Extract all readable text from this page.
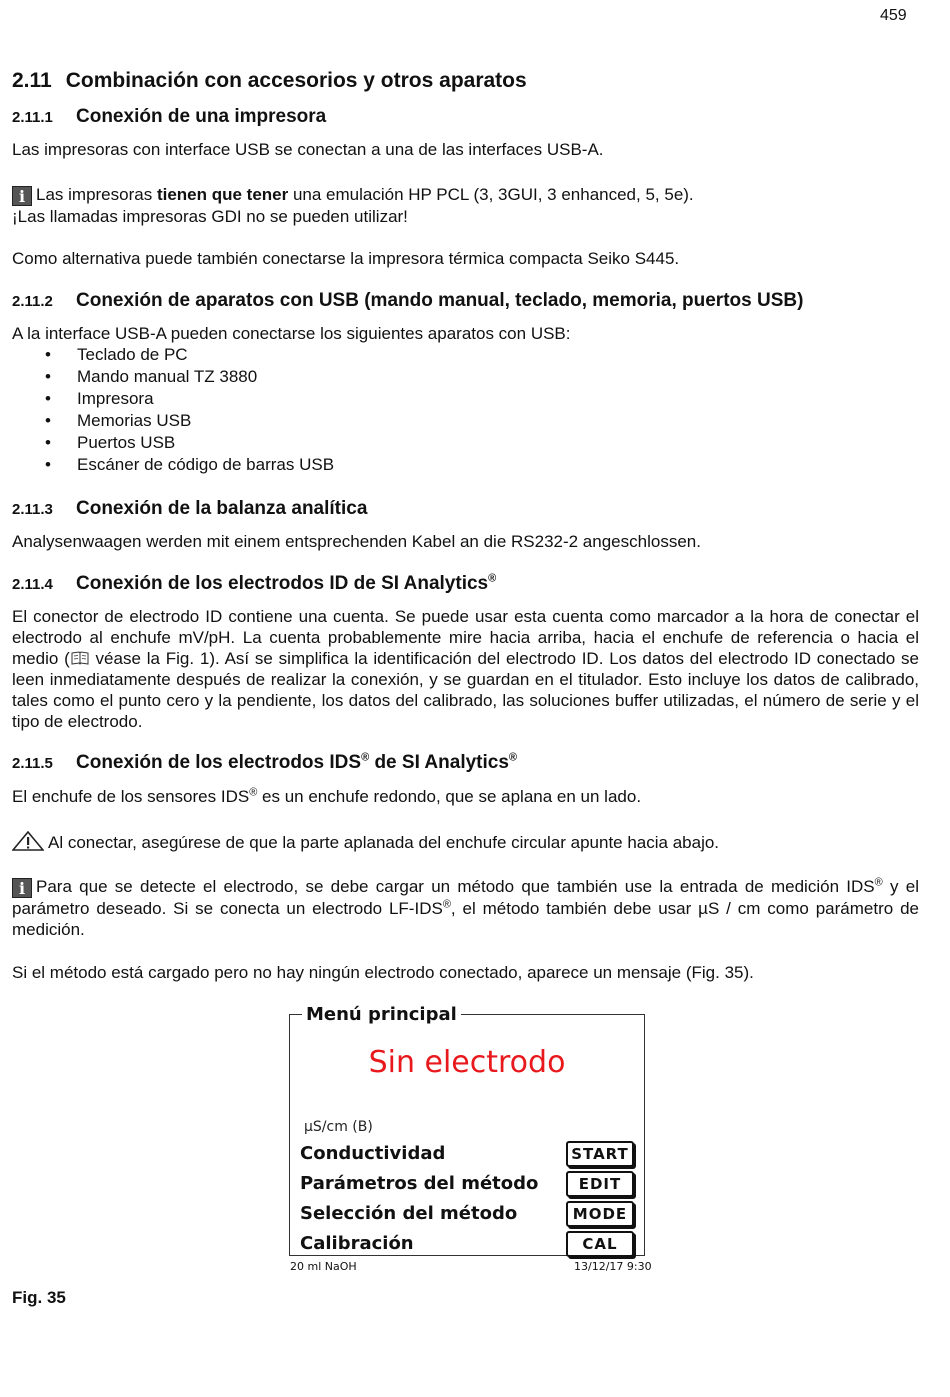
459
2.11 Combinación con accesorios y otros aparatos
2.11.1 Conexión de una impresora
Las impresoras con interface USB se conectan a una de las interfaces USB-A.
i Las impresoras tienen que tener una emulación HP PCL (3, 3GUI, 3 enhanced, 5, 5e).
¡Las llamadas impresoras GDI no se pueden utilizar!
Como alternativa puede también conectarse la impresora térmica compacta Seiko S445.
2.11.2 Conexión de aparatos con USB (mando manual, teclado, memoria, puertos USB)
A la interface USB-A pueden conectarse los siguientes aparatos con USB:
• Teclado de PC
• Mando manual TZ 3880
• Impresora
• Memorias USB
• Puertos USB
• Escáner de código de barras USB
2.11.3 Conexión de la balanza analítica
Analysenwaagen werden mit einem entsprechenden Kabel an die RS232-2 angeschlossen.
2.11.4 Conexión de los electrodos ID de SI Analytics®
El conector de electrodo ID contiene una cuenta. Se puede usar esta cuenta como marcador a la hora de conectar el electrodo al enchufe mV/pH. La cuenta probablemente mire hacia arriba, hacia el enchufe de referencia o hacia el medio ( véase la Fig. 1). Así se simplifica la identificación del electrodo ID. Los datos del electrodo ID conectado se leen inmediatamente después de realizar la conexión, y se guardan en el titulador. Esto incluye los datos de calibrado, tales como el punto cero y la pendiente, los datos del calibrado, las soluciones buffer utilizadas, el número de serie y el tipo de electrodo.
2.11.5 Conexión de los electrodos IDS® de SI Analytics®
El enchufe de los sensores IDS® es un enchufe redondo, que se aplana en un lado.
Al conectar, asegúrese de que la parte aplanada del enchufe circular apunte hacia abajo.
i Para que se detecte el electrodo, se debe cargar un método que también use la entrada de medición IDS® y el parámetro deseado. Si se conecta un electrodo LF-IDS®, el método también debe usar µS / cm como parámetro de medición.
Si el método está cargado pero no hay ningún electrodo conectado, aparece un mensaje (Fig. 35).
Menú principal
Sin electrodo
µS/cm (B)
Conductividad	START
Parámetros del método	EDIT
Selección del método	MODE
Calibración	CAL
20 ml NaOH	13/12/17 9:30
Fig. 35
